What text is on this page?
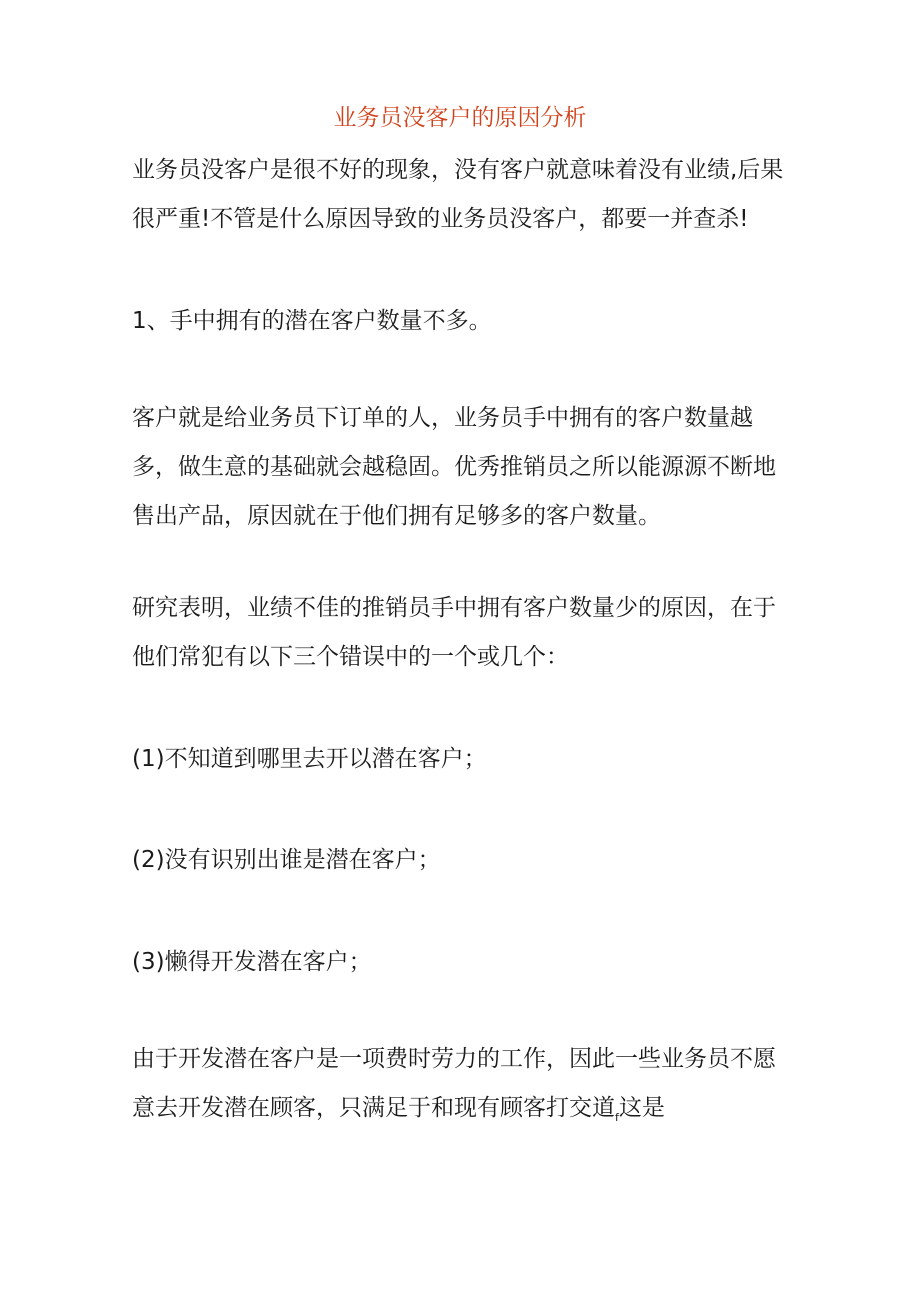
业务员没客户的原因分析

业务员没客户是很不好的现象，没有客户就意味着没有业绩,后果
很严重!不管是什么原因导致的业务员没客户，都要一并查杀!

1、手中拥有的潜在客户数量不多。

客户就是给业务员下订单的人，业务员手中拥有的客户数量越
多，做生意的基础就会越稳固。优秀推销员之所以能源源不断地
售出产品，原因就在于他们拥有足够多的客户数量。

研究表明，业绩不佳的推销员手中拥有客户数量少的原因，在于
他们常犯有以下三个错误中的一个或几个：

(1)不知道到哪里去开以潜在客户；

(2)没有识别出谁是潜在客户；

(3)懒得开发潜在客户；

由于开发潜在客户是一项费时劳力的工作，因此一些业务员不愿
意去开发潜在顾客，只满足于和现有顾客打交道$_f$这是
